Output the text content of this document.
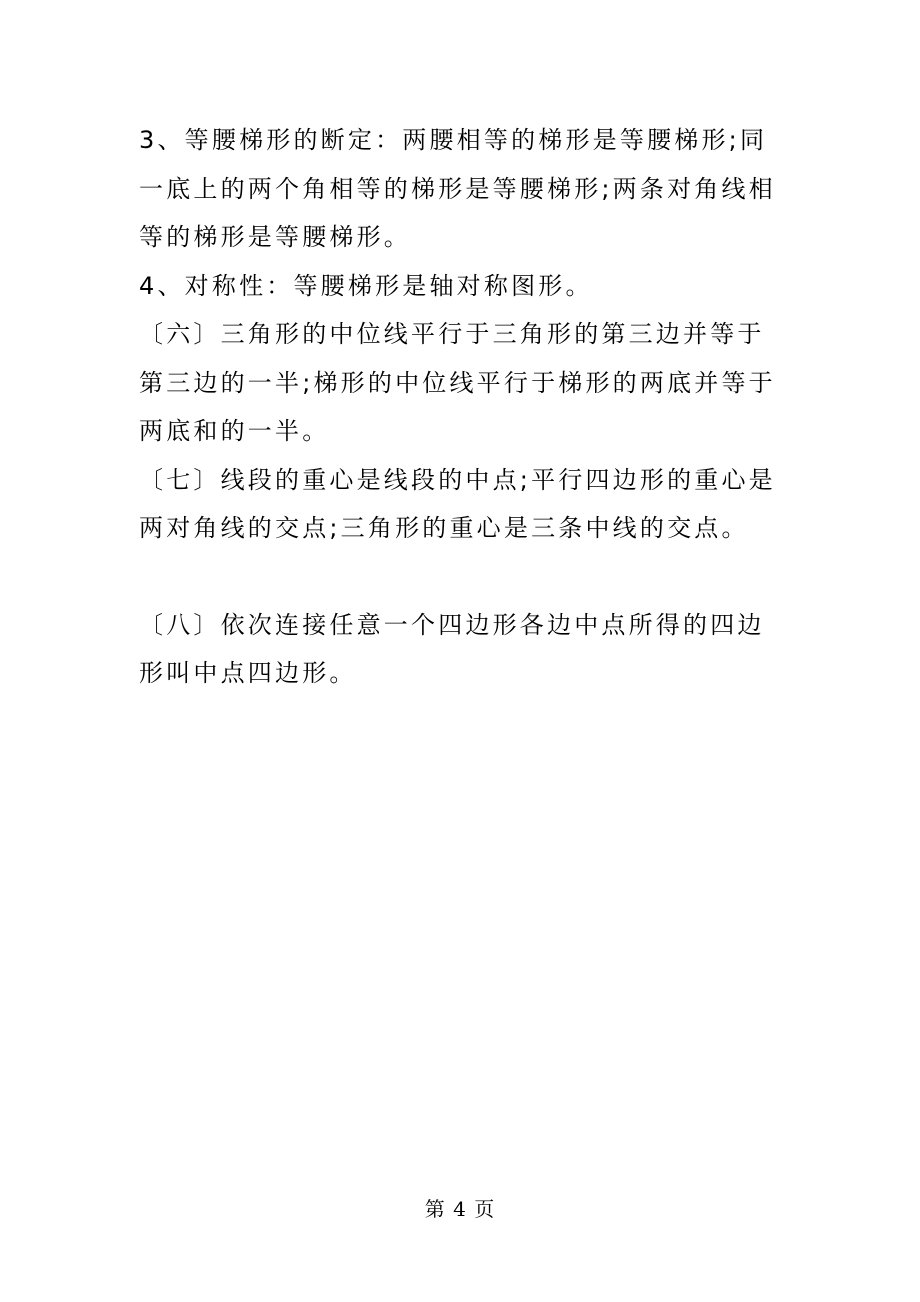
3、等腰梯形的断定：两腰相等的梯形是等腰梯形;同一底上的两个角相等的梯形是等腰梯形;两条对角线相等的梯形是等腰梯形。

4、对称性：等腰梯形是轴对称图形。

〔六〕三角形的中位线平行于三角形的第三边并等于第三边的一半;梯形的中位线平行于梯形的两底并等于两底和的一半。

〔七〕线段的重心是线段的中点;平行四边形的重心是两对角线的交点;三角形的重心是三条中线的交点。

〔八〕依次连接任意一个四边形各边中点所得的四边形叫中点四边形。

第 4 页
